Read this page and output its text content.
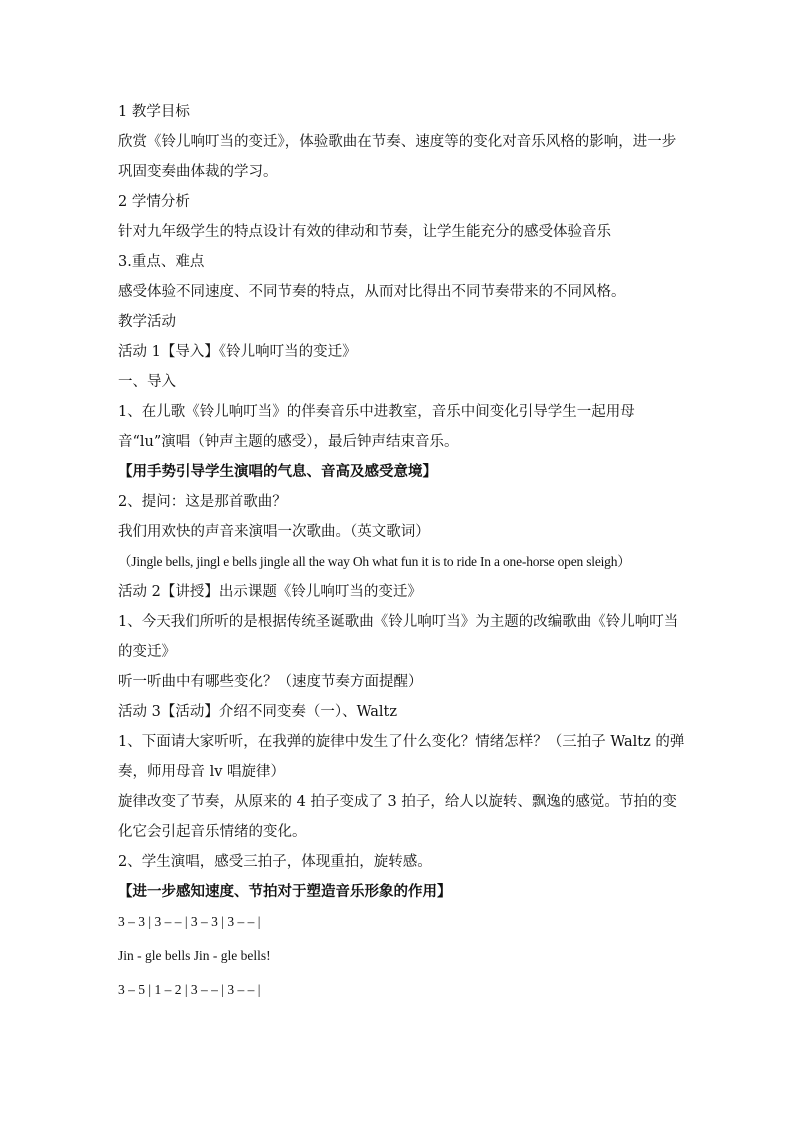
1 教学目标

欣赏《铃儿响叮当的变迁》，体验歌曲在节奏、速度等的变化对音乐风格的影响，进一步巩固变奏曲体裁的学习。

2 学情分析

针对九年级学生的特点设计有效的律动和节奏，让学生能充分的感受体验音乐

3.重点、难点

感受体验不同速度、不同节奏的特点，从而对比得出不同节奏带来的不同风格。

教学活动

活动 1【导入】《铃儿响叮当的变迁》

一、导入

1、在儿歌《铃儿响叮当》的伴奏音乐中进教室，音乐中间变化引导学生一起用母音“lu”演唱（钟声主题的感受），最后钟声结束音乐。

【用手势引导学生演唱的气息、音高及感受意境】

2、提问：这是那首歌曲？

我们用欢快的声音来演唱一次歌曲。（英文歌词）

（Jingle bells, jingl e bells jingle all the way Oh what fun it is to ride In a one-horse open sleigh）

活动 2【讲授】出示课题《铃儿响叮当的变迁》

1、今天我们所听的是根据传统圣诞歌曲《铃儿响叮当》为主题的改编歌曲《铃儿响叮当的变迁》

听一听曲中有哪些变化？（速度节奏方面提醒）

活动 3【活动】介绍不同变奏（一）、Waltz

1、下面请大家听听，在我弹的旋律中发生了什么变化？情绪怎样？（三拍子 Waltz 的弹奏，师用母音 lv 唱旋律）

旋律改变了节奏，从原来的 4 拍子变成了 3 拍子，给人以旋转、飘逸的感觉。节拍的变化它会引起音乐情绪的变化。

2、学生演唱，感受三拍子，体现重拍，旋转感。

【进一步感知速度、节拍对于塑造音乐形象的作用】

3 – 3 | 3 – – | 3 – 3 | 3 – – |

Jin - gle bells Jin - gle bells!

3 – 5 | 1 – 2 | 3 – – | 3 – – |
